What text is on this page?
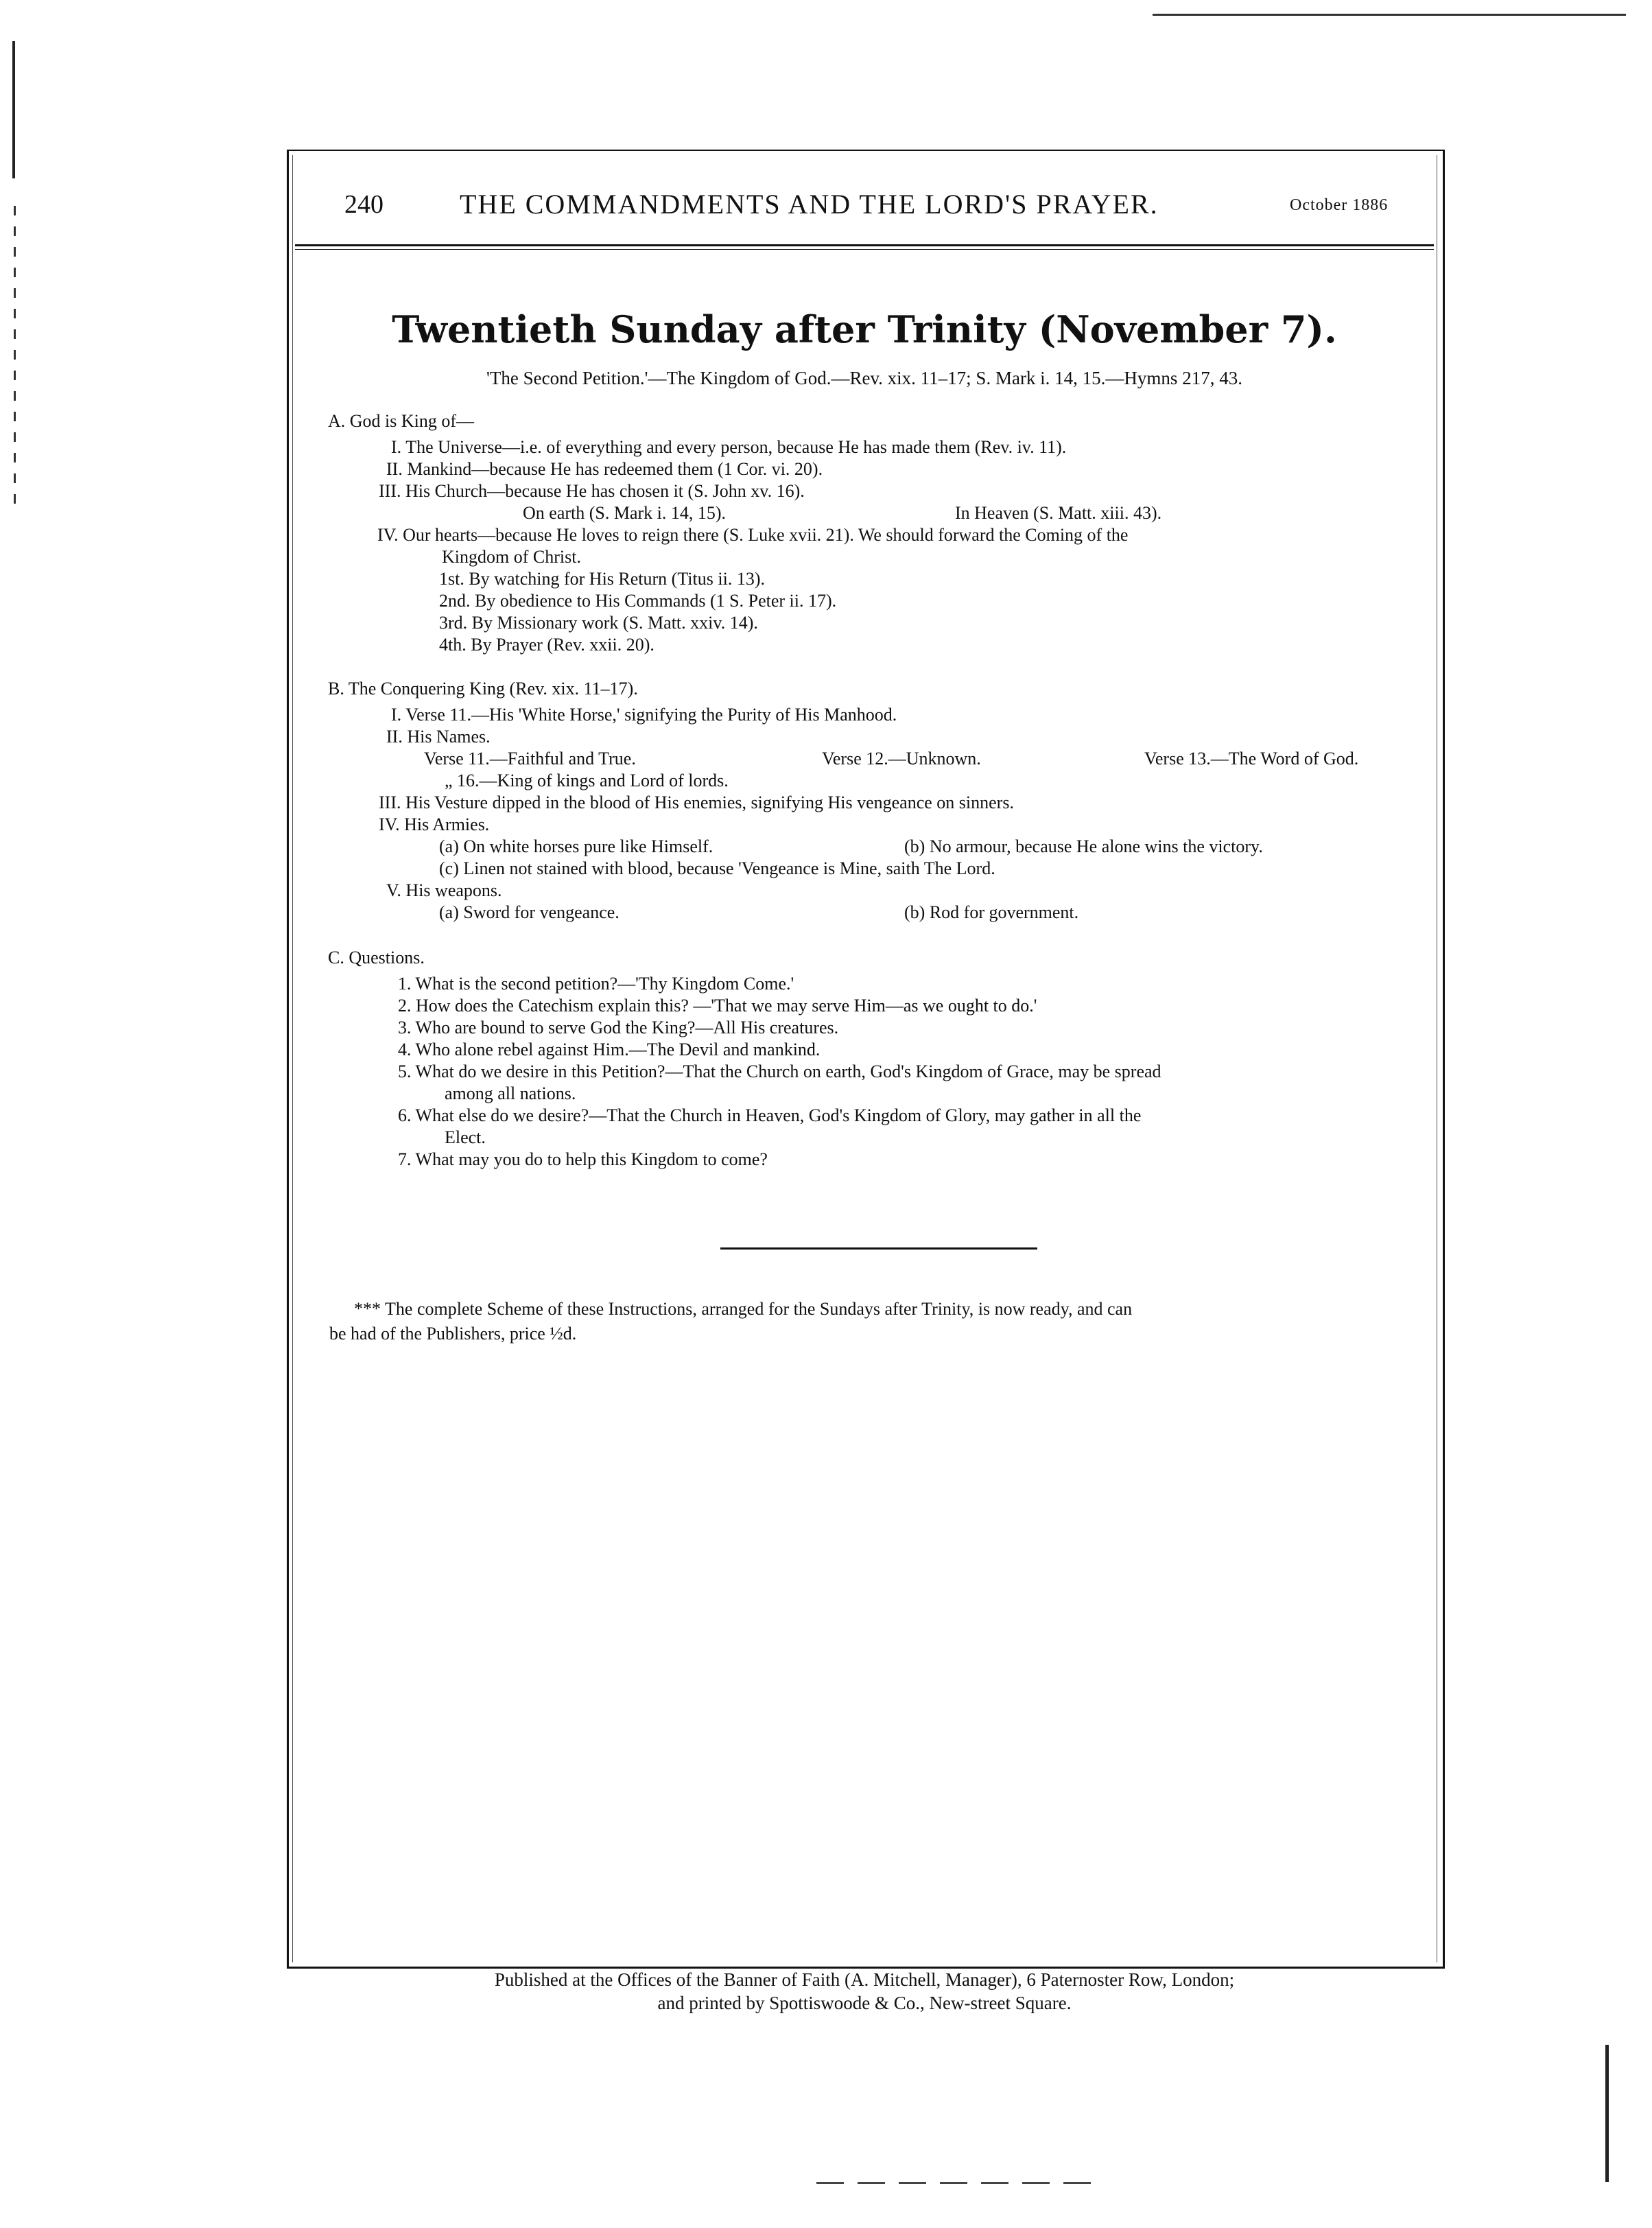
240	THE COMMANDMENTS AND THE LORD'S PRAYER.	October 1886
Twentieth Sunday after Trinity (November 7).
'The Second Petition.'—The Kingdom of God.—Rev. xix. 11–17; S. Mark i. 14, 15.—Hymns 217, 43.
A. God is King of—
I. The Universe—i.e. of everything and every person, because He has made them (Rev. iv. 11).
II. Mankind—because He has redeemed them (1 Cor. vi. 20).
III. His Church—because He has chosen it (S. John xv. 16).
On earth (S. Mark i. 14, 15).	In Heaven (S. Matt. xiii. 43).
IV. Our hearts—because He loves to reign there (S. Luke xvii. 21). We should forward the Coming of the
Kingdom of Christ.
1st. By watching for His Return (Titus ii. 13).
2nd. By obedience to His Commands (1 S. Peter ii. 17).
3rd. By Missionary work (S. Matt. xxiv. 14).
4th. By Prayer (Rev. xxii. 20).
B. The Conquering King (Rev. xix. 11–17).
I. Verse 11.—His 'White Horse,' signifying the Purity of His Manhood.
II. His Names.
Verse 11.—Faithful and True.	Verse 12.—Unknown.	Verse 13.—The Word of God.
„ 16.—King of kings and Lord of lords.
III. His Vesture dipped in the blood of His enemies, signifying His vengeance on sinners.
IV. His Armies.
(a) On white horses pure like Himself.	(b) No armour, because He alone wins the victory.
(c) Linen not stained with blood, because 'Vengeance is Mine, saith The Lord.
V. His weapons.
(a) Sword for vengeance.	(b) Rod for government.
C. Questions.
1. What is the second petition?—'Thy Kingdom Come.'
2. How does the Catechism explain this? —'That we may serve Him—as we ought to do.'
3. Who are bound to serve God the King?—All His creatures.
4. Who alone rebel against Him.—The Devil and mankind.
5. What do we desire in this Petition?—That the Church on earth, God's Kingdom of Grace, may be spread
among all nations.
6. What else do we desire?—That the Church in Heaven, God's Kingdom of Glory, may gather in all the
Elect.
7. What may you do to help this Kingdom to come?
*** The complete Scheme of these Instructions, arranged for the Sundays after Trinity, is now ready, and can
be had of the Publishers, price ½d.
Published at the Offices of the Banner of Faith (A. Mitchell, Manager), 6 Paternoster Row, London;
and printed by Spottiswoode & Co., New-street Square.
